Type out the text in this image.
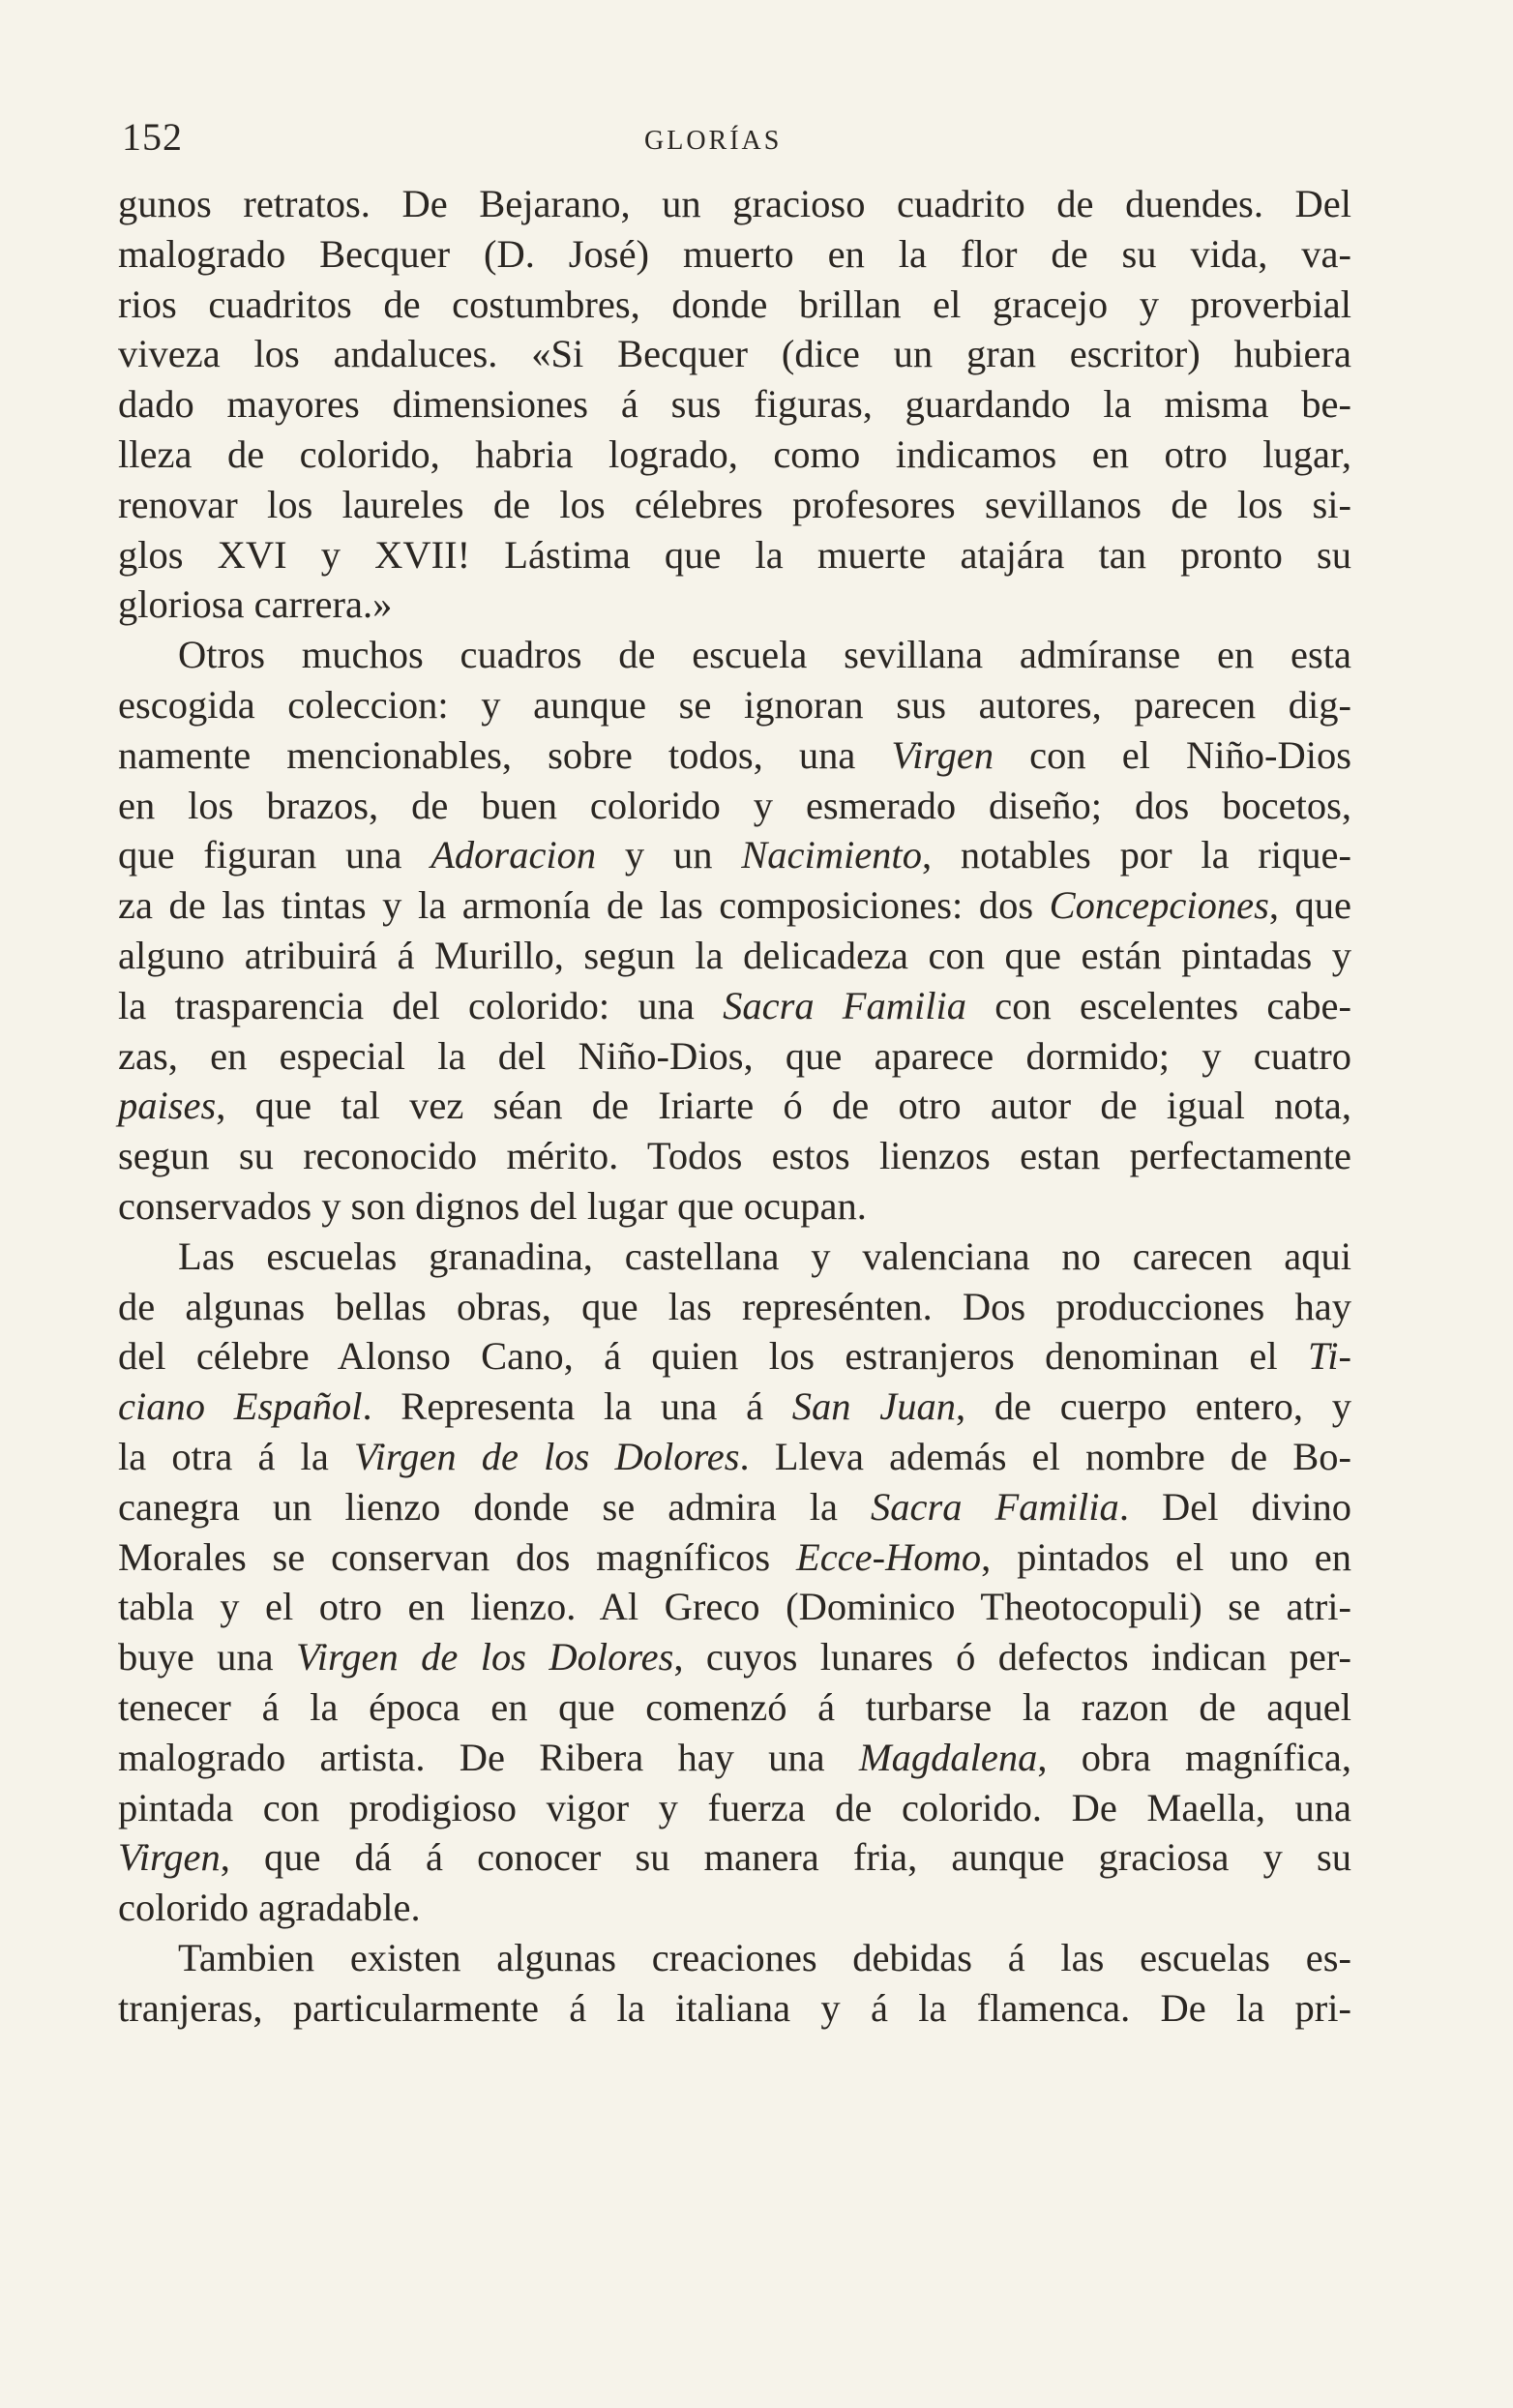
152	GLORÍAS

gunos retratos. De Bejarano, un gracioso cuadrito de duendes. Del
malogrado Becquer (D. José) muerto en la flor de su vida, va-
rios cuadritos de costumbres, donde brillan el gracejo y proverbial
viveza los andaluces. «Si Becquer (dice un gran escritor) hubiera
dado mayores dimensiones á sus figuras, guardando la misma be-
lleza de colorido, habria logrado, como indicamos en otro lugar,
renovar los laureles de los célebres profesores sevillanos de los si-
glos XVI y XVII! Lástima que la muerte atajára tan pronto su
gloriosa carrera.»

Otros muchos cuadros de escuela sevillana admíranse en esta
escogida coleccion: y aunque se ignoran sus autores, parecen dig-
namente mencionables, sobre todos, una Virgen con el Niño-Dios
en los brazos, de buen colorido y esmerado diseño; dos bocetos,
que figuran una Adoracion y un Nacimiento, notables por la rique-
za de las tintas y la armonía de las composiciones: dos Concepciones, que
alguno atribuirá á Murillo, segun la delicadeza con que están pintadas y
la trasparencia del colorido: una Sacra Familia con escelentes cabe-
zas, en especial la del Niño-Dios, que aparece dormido; y cuatro
paises, que tal vez séan de Iriarte ó de otro autor de igual nota,
segun su reconocido mérito. Todos estos lienzos estan perfectamente
conservados y son dignos del lugar que ocupan.

Las escuelas granadina, castellana y valenciana no carecen aqui
de algunas bellas obras, que las represénten. Dos producciones hay
del célebre Alonso Cano, á quien los estranjeros denominan el Ti-
ciano Español. Representa la una á San Juan, de cuerpo entero, y
la otra á la Virgen de los Dolores. Lleva además el nombre de Bo-
canegra un lienzo donde se admira la Sacra Familia. Del divino
Morales se conservan dos magníficos Ecce-Homo, pintados el uno en
tabla y el otro en lienzo. Al Greco (Dominico Theotocopuli) se atri-
buye una Virgen de los Dolores, cuyos lunares ó defectos indican per-
tenecer á la época en que comenzó á turbarse la razon de aquel
malogrado artista. De Ribera hay una Magdalena, obra magnífica,
pintada con prodigioso vigor y fuerza de colorido. De Maella, una
Virgen, que dá á conocer su manera fria, aunque graciosa y su
colorido agradable.

Tambien existen algunas creaciones debidas á las escuelas es-
tranjeras, particularmente á la italiana y á la flamenca. De la pri-
